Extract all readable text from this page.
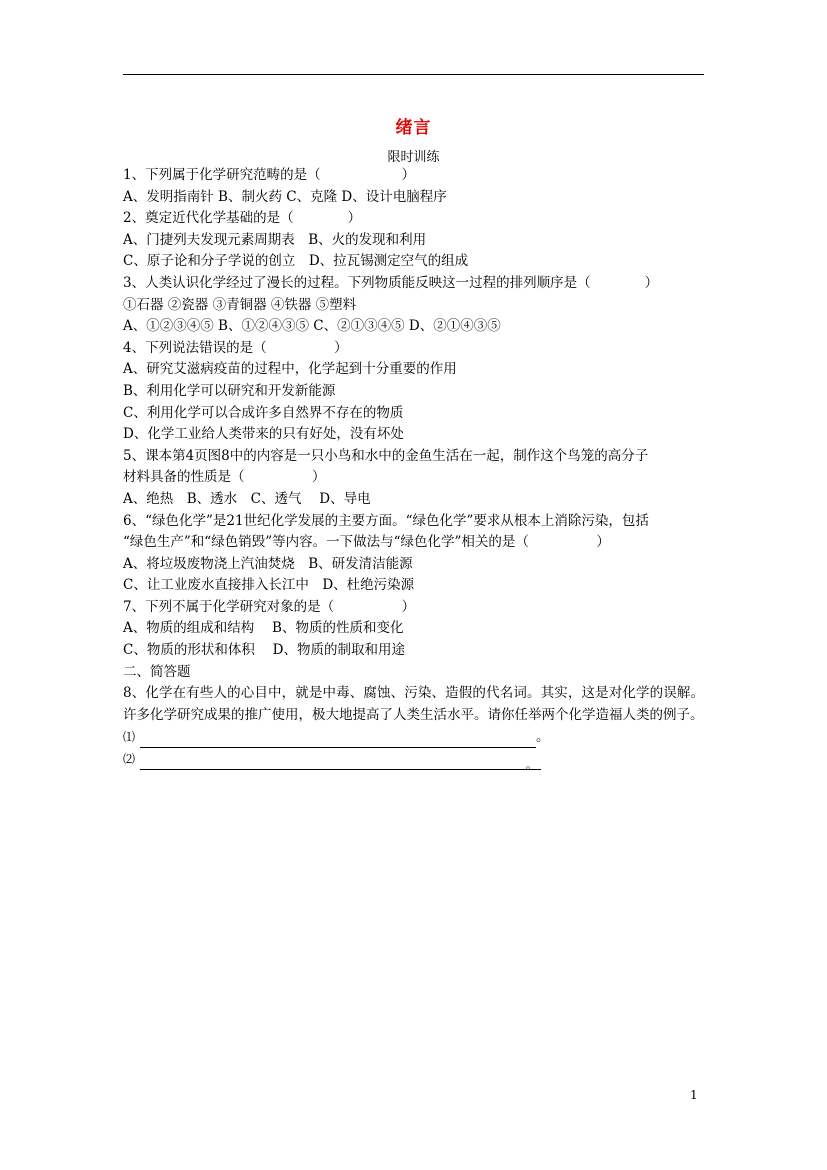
绪言
限时训练
1、下列属于化学研究范畴的是（　　　　　　）
A、发明指南针 B、制火药 C、克隆 D、设计电脑程序
2、奠定近代化学基础的是（　　　　）
A、门捷列夫发现元素周期表　B、火的发现和利用
C、原子论和分子学说的创立　D、拉瓦锡测定空气的组成
3、人类认识化学经过了漫长的过程。下列物质能反映这一过程的排列顺序是（　　　　）
①石器 ②瓷器 ③青铜器 ④铁器 ⑤塑料
A、①②③④⑤ B、①②④③⑤ C、②①③④⑤ D、②①④③⑤
4、下列说法错误的是（　　　　　）
A、研究艾滋病疫苗的过程中，化学起到十分重要的作用
B、利用化学可以研究和开发新能源
C、利用化学可以合成许多自然界不存在的物质
D、化学工业给人类带来的只有好处，没有坏处
5、课本第4页图8中的内容是一只小鸟和水中的金鱼生活在一起，制作这个鸟笼的高分子
材料具备的性质是（　　　　　）
A、绝热　B、透水　C、透气　 D、导电
6、“绿色化学”是21世纪化学发展的主要方面。“绿色化学”要求从根本上消除污染，包括
“绿色生产”和“绿色销毁”等内容。一下做法与“绿色化学”相关的是（　　　　　）
A、将垃圾废物浇上汽油焚烧　B、研发清洁能源
C、让工业废水直接排入长江中　D、杜绝污染源
7、下列不属于化学研究对象的是（　　　　　）
A、物质的组成和结构　 B、物质的性质和变化
C、物质的形状和体积　 D、物质的制取和用途
二、简答题
8、化学在有些人的心目中，就是中毒、腐蚀、污染、造假的代名词。其实，这是对化学的误解。许多化学研究成果的推广使用，极大地提高了人类生活水平。请你任举两个化学造福人类的例子。
⑴	。
⑵	。
1
